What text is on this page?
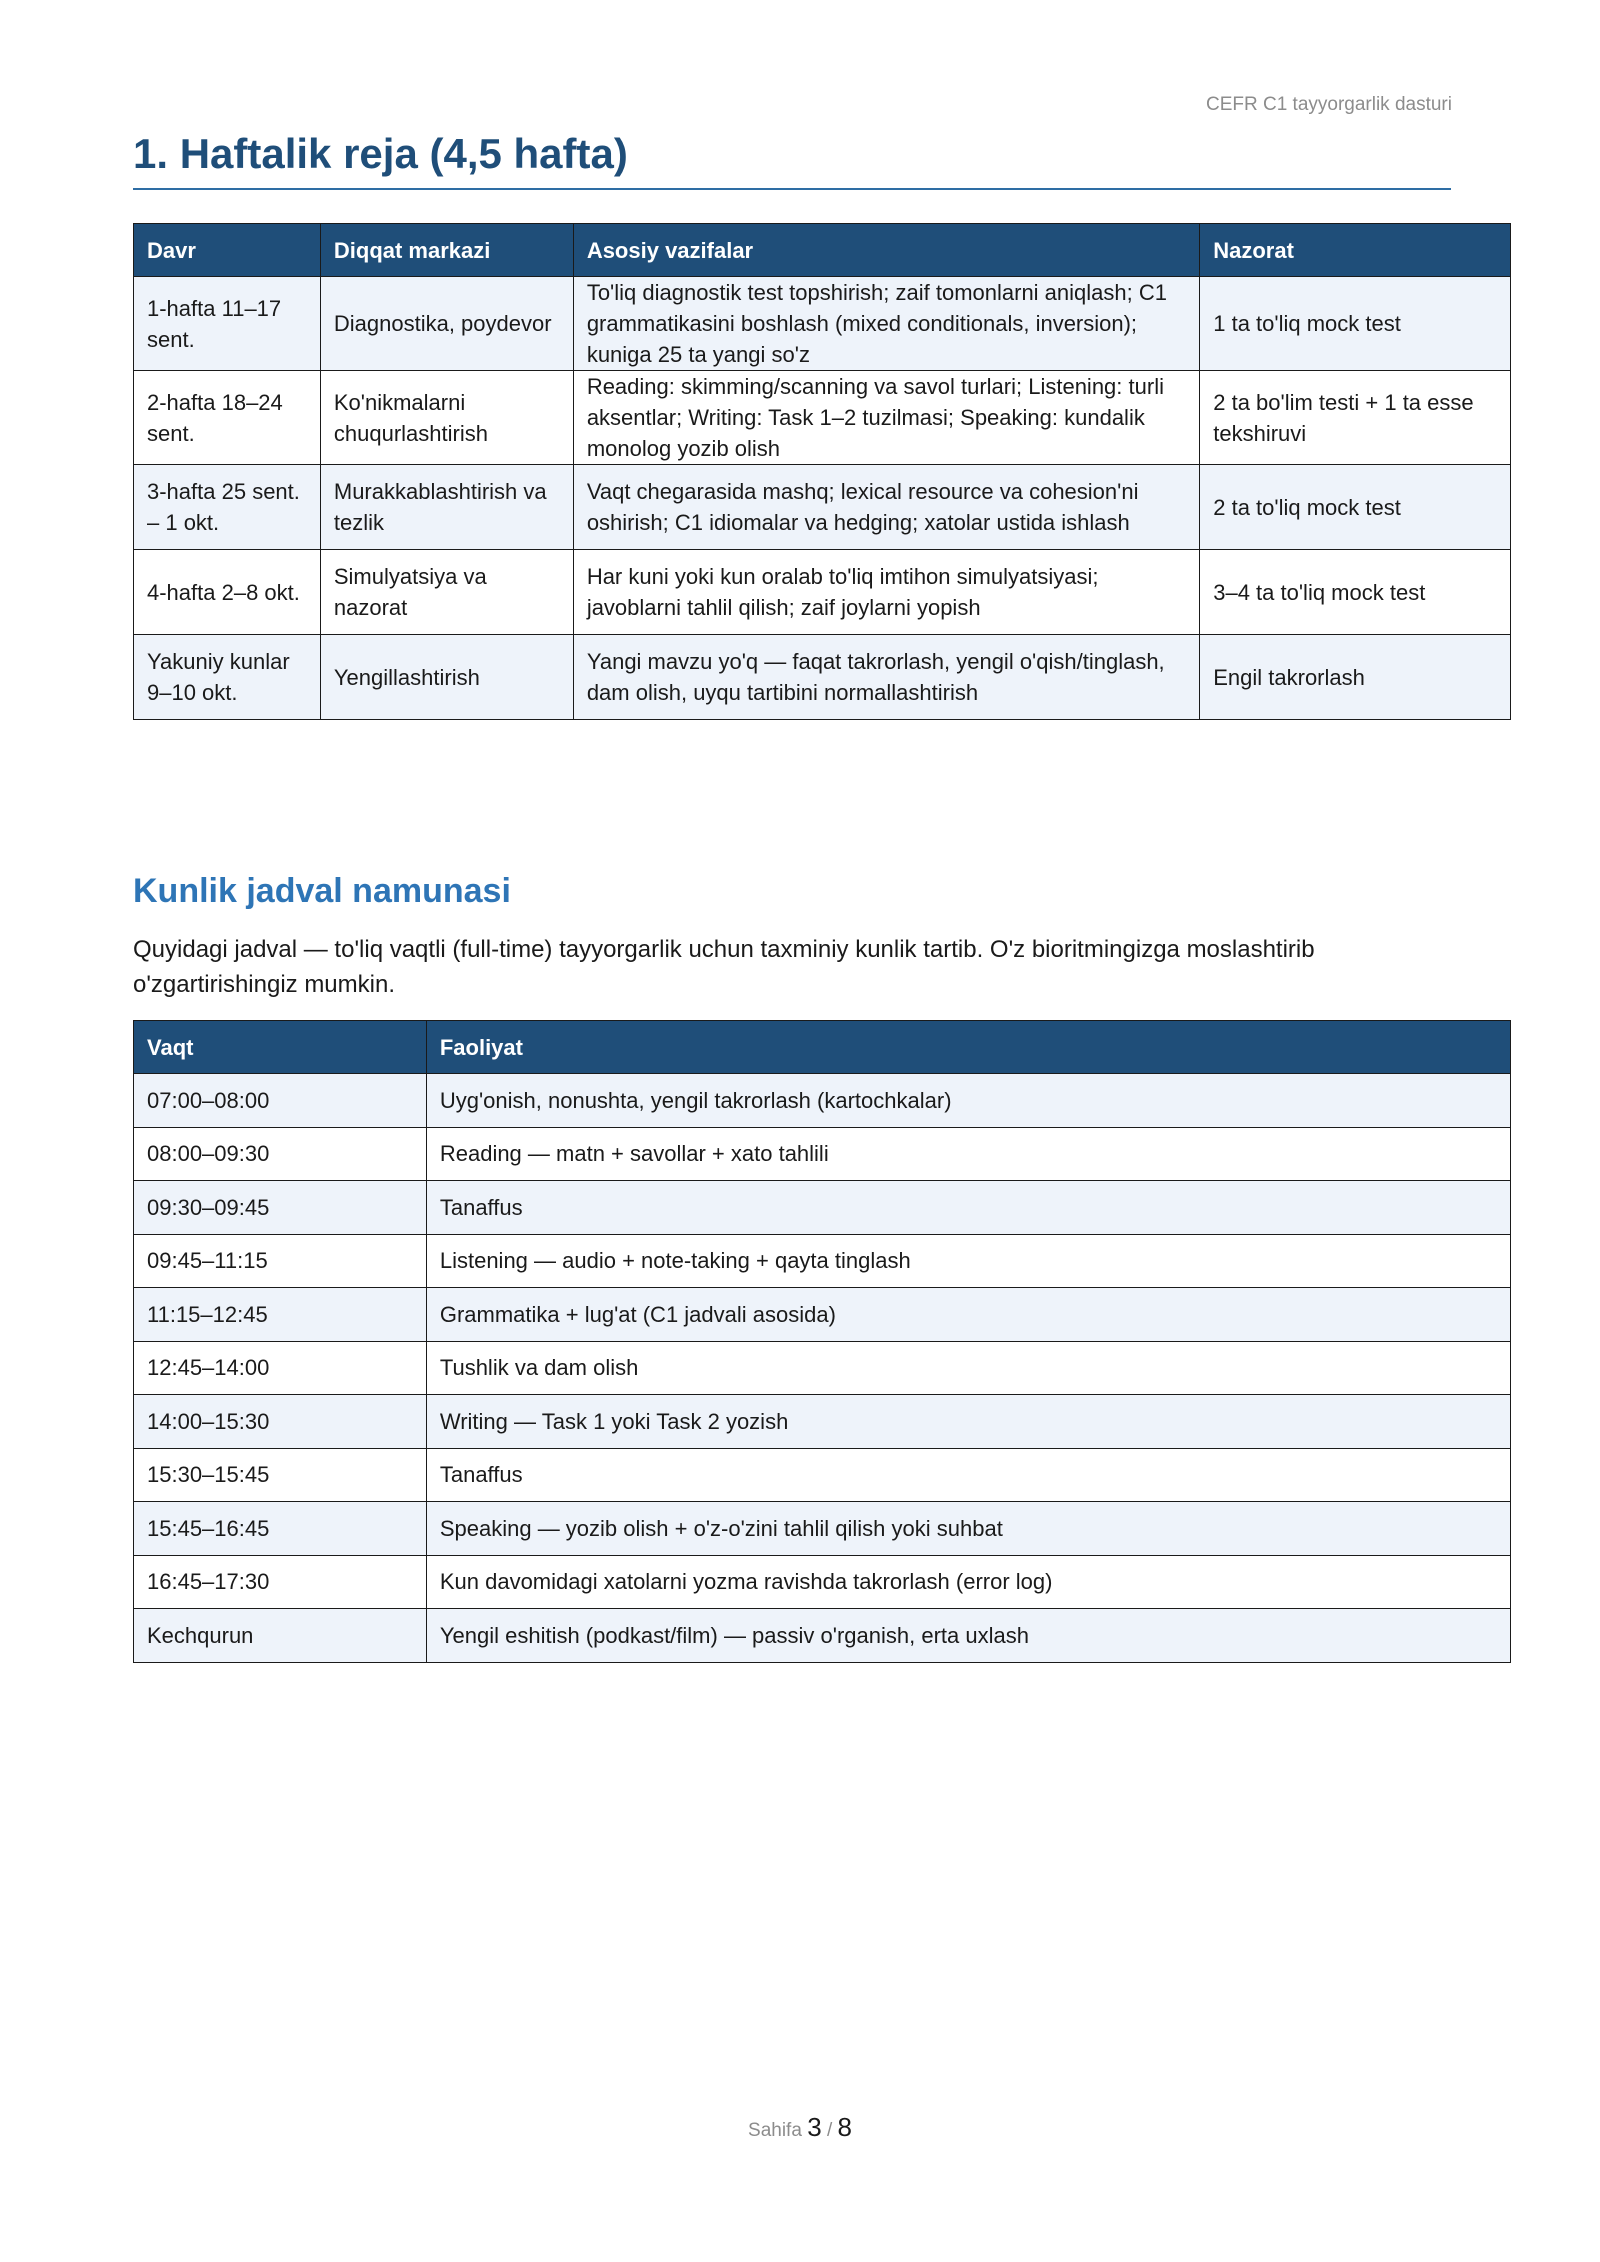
CEFR C1 tayyorgarlik dasturi
1. Haftalik reja (4,5 hafta)
Davr	Diqqat markazi	Asosiy vazifalar	Nazorat
1-hafta 11–17 sent.	Diagnostika, poydevor	To'liq diagnostik test topshirish; zaif tomonlarni aniqlash; C1 grammatikasini boshlash (mixed conditionals, inversion); kuniga 25 ta yangi so'z	1 ta to'liq mock test
2-hafta 18–24 sent.	Ko'nikmalarni chuqurlashtirish	Reading: skimming/scanning va savol turlari; Listening: turli aksentlar; Writing: Task 1–2 tuzilmasi; Speaking: kundalik monolog yozib olish	2 ta bo'lim testi + 1 ta esse tekshiruvi
3-hafta 25 sent. – 1 okt.	Murakkablashtirish va tezlik	Vaqt chegarasida mashq; lexical resource va cohesion'ni oshirish; C1 idiomalar va hedging; xatolar ustida ishlash	2 ta to'liq mock test
4-hafta 2–8 okt.	Simulyatsiya va nazorat	Har kuni yoki kun oralab to'liq imtihon simulyatsiyasi; javoblarni tahlil qilish; zaif joylarni yopish	3–4 ta to'liq mock test
Yakuniy kunlar 9–10 okt.	Yengillashtirish	Yangi mavzu yo'q — faqat takrorlash, yengil o'qish/tinglash, dam olish, uyqu tartibini normallashtirish	Engil takrorlash
Kunlik jadval namunasi

Quyidagi jadval — to'liq vaqtli (full-time) tayyorgarlik uchun taxminiy kunlik tartib. O'z bioritmingizga moslashtirib o'zgartirishingiz mumkin.

Vaqt	Faoliyat
07:00–08:00	Uyg'onish, nonushta, yengil takrorlash (kartochkalar)
08:00–09:30	Reading — matn + savollar + xato tahlili
09:30–09:45	Tanaffus
09:45–11:15	Listening — audio + note-taking + qayta tinglash
11:15–12:45	Grammatika + lug'at (C1 jadvali asosida)
12:45–14:00	Tushlik va dam olish
14:00–15:30	Writing — Task 1 yoki Task 2 yozish
15:30–15:45	Tanaffus
15:45–16:45	Speaking — yozib olish + o'z-o'zini tahlil qilish yoki suhbat
16:45–17:30	Kun davomidagi xatolarni yozma ravishda takrorlash (error log)
Kechqurun	Yengil eshitish (podkast/film) — passiv o'rganish, erta uxlash
Sahifa 3 / 8
